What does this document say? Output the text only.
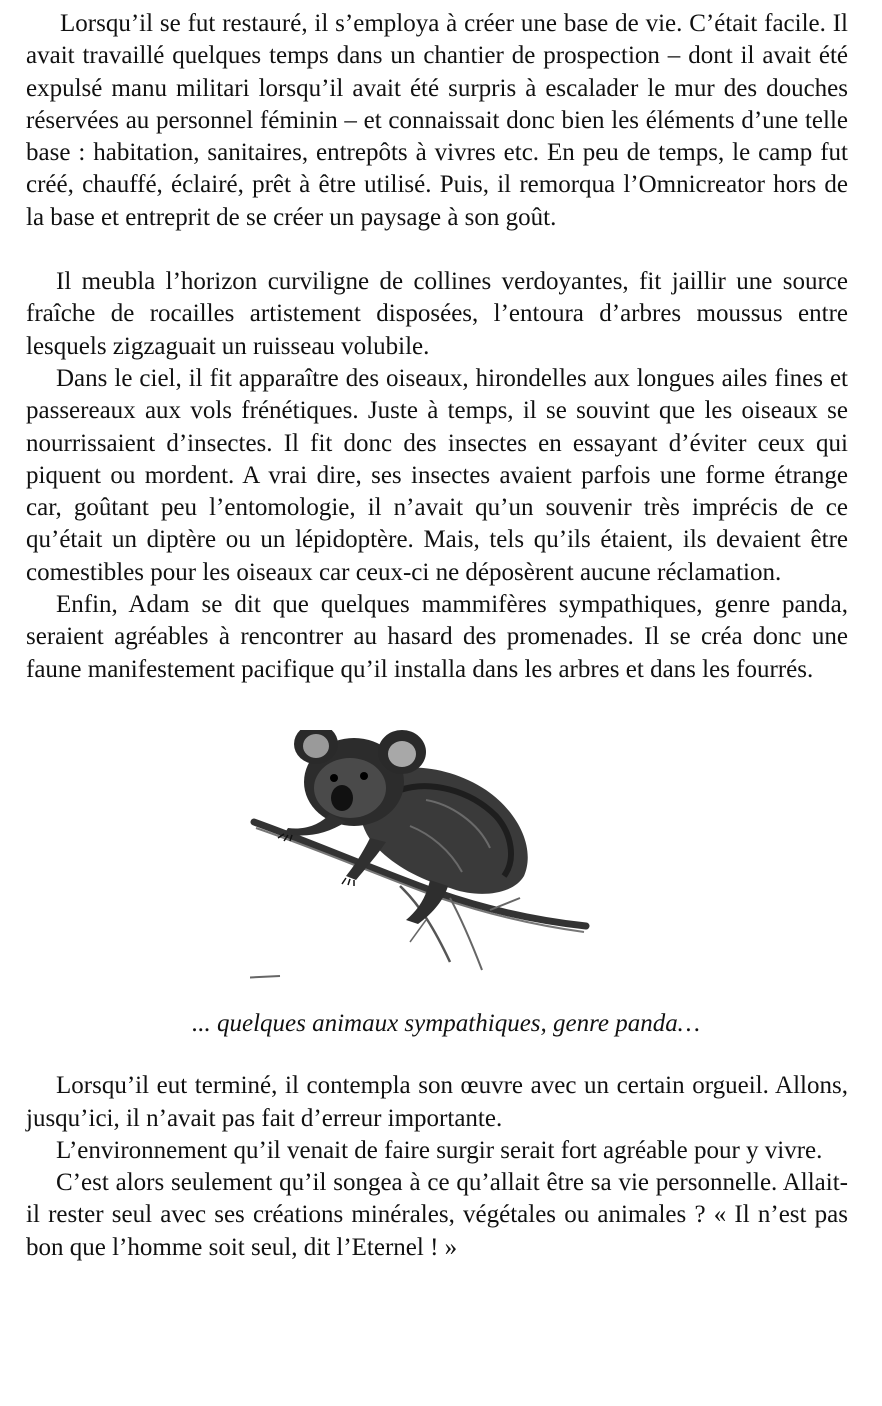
Lorsqu’il se fut restauré, il s’employa à créer une base de vie. C’était facile. Il avait travaillé quelques temps dans un chantier de prospection – dont il avait été expulsé manu militari lorsqu’il avait été surpris à escalader le mur des douches réservées au personnel féminin – et connaissait donc bien les éléments d’une telle base : habitation, sanitaires, entrepôts à vivres etc. En peu de temps, le camp fut créé, chauffé, éclairé, prêt à être utilisé. Puis, il remorqua l’Omnicreator hors de la base et entreprit de se créer un paysage à son goût.

Il meubla l’horizon curviligne de collines verdoyantes, fit jaillir une source fraîche de rocailles artistement disposées, l’entoura d’arbres moussus entre lesquels zigzaguait un ruisseau volubile.

Dans le ciel, il fit apparaître des oiseaux, hirondelles aux longues ailes fines et passereaux aux vols frénétiques. Juste à temps, il se souvint que les oiseaux se nourrissaient d’insectes. Il fit donc des insectes en essayant d’éviter ceux qui piquent ou mordent. A vrai dire, ses insectes avaient parfois une forme étrange car, goûtant peu l’entomologie, il n’avait qu’un souvenir très imprécis de ce qu’était un diptère ou un lépidoptère. Mais, tels qu’ils étaient, ils devaient être comestibles pour les oiseaux car ceux-ci ne déposèrent aucune réclamation.

Enfin, Adam se dit que quelques mammifères sympathiques, genre panda, seraient agréables à rencontrer au hasard des promenades. Il se créa donc une faune manifestement pacifique qu’il installa dans les arbres et dans les fourrés.

... quelques animaux sympathiques, genre panda…

Lorsqu’il eut terminé, il contempla son œuvre avec un certain orgueil. Allons, jusqu’ici, il n’avait pas fait d’erreur importante.

L’environnement qu’il venait de faire surgir serait fort agréable pour y vivre.

C’est alors seulement qu’il songea à ce qu’allait être sa vie personnelle. Allait-il rester seul avec ses créations minérales, végétales ou animales ? « Il n’est pas bon que l’homme soit seul, dit l’Eternel ! »
